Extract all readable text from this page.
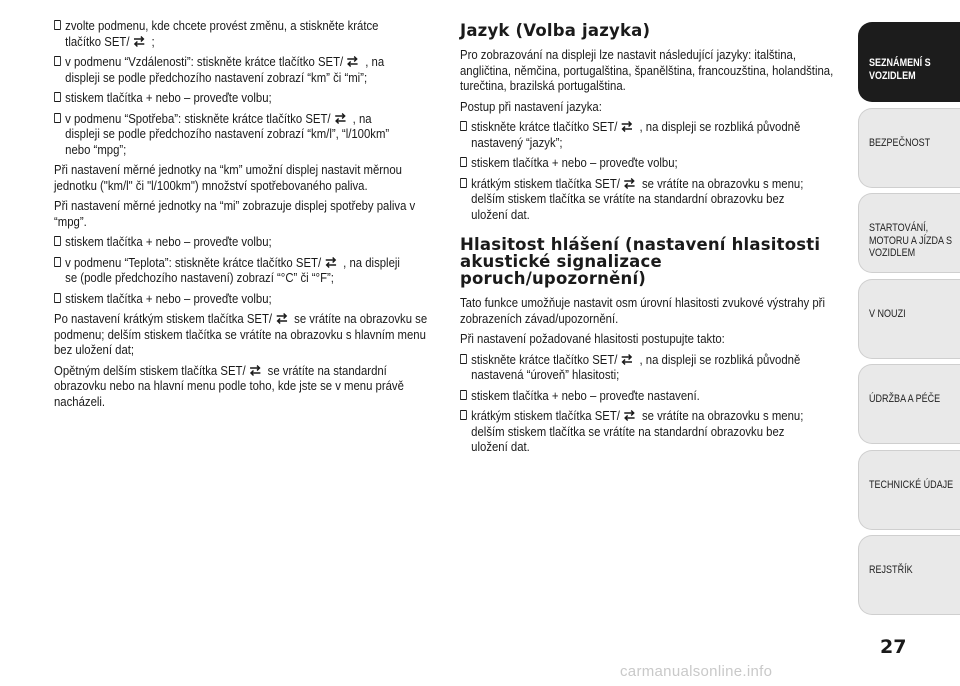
zvolte podmenu, kde chcete provést změnu, a stiskněte krátce
tlačítko SET/ ;
v podmenu “Vzdálenosti”: stiskněte krátce tlačítko SET/ , na
displeji se podle předchozího nastavení zobrazí “km” či “mi”;
stiskem tlačítka + nebo – proveďte volbu;
v podmenu “Spotřeba”: stiskněte krátce tlačítko SET/ , na
displeji se podle předchozího nastavení zobrazí “km/l”, “l/100km”
nebo “mpg”;

Při nastavení měrné jednotky na “km” umožní displej nastavit měrnou jednotku ("km/l" či "l/100km") množství spotřebovaného paliva.

Při nastavení měrné jednotky na “mi” zobrazuje displej spotřeby paliva v “mpg”.

stiskem tlačítka + nebo – proveďte volbu;
v podmenu “Teplota”: stiskněte krátce tlačítko SET/ , na displeji
se (podle předchozího nastavení) zobrazí “°C” či “°F”;
stiskem tlačítka + nebo – proveďte volbu;

Po nastavení krátkým stiskem tlačítka SET/ se vrátíte na obrazovku se podmenu; delším stiskem tlačítka se vrátíte na obrazovku s hlavním menu bez uložení dat;

Opětným delším stiskem tlačítka SET/ se vrátíte na standardní obrazovku nebo na hlavní menu podle toho, kde jste se v menu právě nacházeli.

Jazyk (Volba jazyka)

Pro zobrazování na displeji lze nastavit následující jazyky: italština, angličtina, němčina, portugalština, španělština, francouzština, holandština, turečtina, brazilská portugalština.

Postup při nastavení jazyka:

stiskněte krátce tlačítko SET/ , na displeji se rozbliká původně
nastavený “jazyk”;
stiskem tlačítka + nebo – proveďte volbu;
krátkým stiskem tlačítka SET/ se vrátíte na obrazovku s menu;
delším stiskem tlačítka se vrátíte na standardní obrazovku bez
uložení dat.
Hlasitost hlášení (nastavení hlasitosti akustické signalizace poruch/upozornění)

Tato funkce umožňuje nastavit osm úrovní hlasitosti zvukové výstrahy při zobrazeních závad/upozornění.

Při nastavení požadované hlasitosti postupujte takto:

stiskněte krátce tlačítko SET/ , na displeji se rozbliká původně
nastavená “úroveň” hlasitosti;
stiskem tlačítka + nebo – proveďte nastavení.
krátkým stiskem tlačítka SET/ se vrátíte na obrazovku s menu;
delším stiskem tlačítka se vrátíte na standardní obrazovku bez
uložení dat.
SEZNÁMENÍ S
VOZIDLEM
BEZPEČNOST
STARTOVÁNÍ,
MOTORU A JÍZDA S
VOZIDLEM
V NOUZI
ÚDRŽBA A PÉČE
TECHNICKÉ ÚDAJE
REJSTŘÍK
27
carmanualsonline.info
